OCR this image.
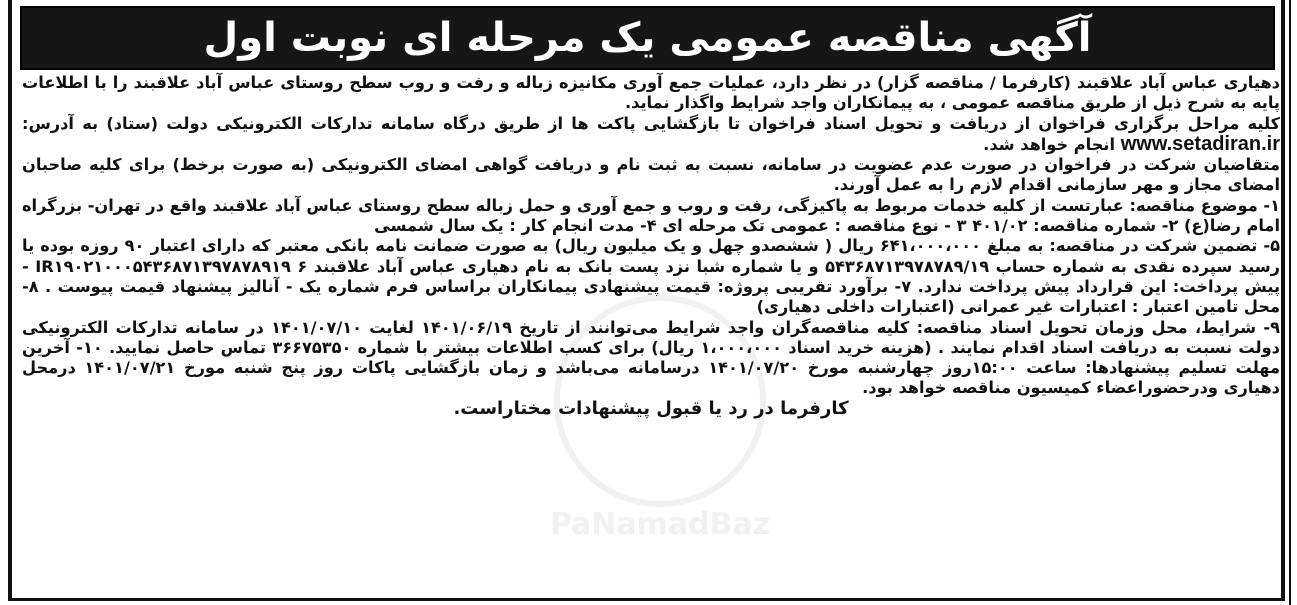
آگهی مناقصه عمومی یک مرحله ای نوبت اول
PaNamadBaz

دهیاری عباس آباد علاقبند (کارفرما / مناقصه گزار) در نظر دارد، عملیات جمع آوری مکانیزه زباله و رفت و روب سطح روستای عباس آباد علاقبند را با اطلاعات پایه به شرح ذیل از طریق مناقصه عمومی ، به پیمانکاران واجد شرایط واگذار نماید.

کلیه مراحل برگزاری فراخوان از دریافت و تحویل اسناد فراخوان تا بازگشایی پاکت ها از طریق درگاه سامانه تدارکات الکترونیکی دولت (ستاد) به آدرس: www.setadiran.ir انجام خواهد شد.

متقاضیان شرکت در فراخوان در صورت عدم عضویت در سامانه، نسبت به ثبت نام و دریافت گواهی امضای الکترونیکی (به صورت برخط) برای کلیه صاحبان امضای مجاز و مهر سازمانی اقدام لازم را به عمل آورند.

۱- موضوع مناقصه: عبارتست از کلیه خدمات مربوط به پاکیزگی، رفت و روب و جمع آوری و حمل زباله سطح روستای عباس آباد علاقبند واقع در تهران- بزرگراه امام رضا(ع) ۲- شماره مناقصه: ۴۰۱/۰۲ ۳ - نوع مناقصه : عمومی تک مرحله ای ۴- مدت انجام کار : یک سال شمسی

۵- تضمین شرکت در مناقصه: به مبلغ ۶۴۱،۰۰۰،۰۰۰ ریال ( ششصدو چهل و یک میلیون ریال) به صورت ضمانت نامه بانکی معتبر که دارای اعتبار ۹۰ روزه بوده یا رسید سپرده نقدی به شماره حساب ۵۴۳۶۸۷۱۳۹۷۸۷۸۹/۱۹ و یا شماره شبا نزد پست بانک به نام دهیاری عباس آباد علاقبند IR۱۹۰۲۱۰۰۰۵۴۳۶۸۷۱۳۹۷۸۷۸۹۱۹ ۶ - پیش پرداخت: این قرارداد پیش پرداخت ندارد. ۷- برآورد تقریبی پروژه: قیمت پیشنهادی پیمانکاران براساس فرم شماره یک - آنالیز پیشنهاد قیمت پیوست . ۸- محل تامین اعتبار : اعتبارات غیر عمرانی (اعتبارات داخلی دهیاری)

۹- شرایط، محل وزمان تحویل اسناد مناقصه: کلیه مناقصه‌گران واجد شرایط می‌توانند از تاریخ ۱۴۰۱/۰۶/۱۹ لغایت ۱۴۰۱/۰۷/۱۰ در سامانه تدارکات الکترونیکی دولت نسبت به دریافت اسناد اقدام نمایند . (هزینه خرید اسناد ۱،۰۰۰،۰۰۰ ریال) برای کسب اطلاعات بیشتر با شماره ۳۶۶۷۵۳۵۰ تماس حاصل نمایید. ۱۰- آخرین مهلت تسلیم پیشنهادها: ساعت ۱۵:۰۰روز چهارشنبه مورخ ۱۴۰۱/۰۷/۲۰ درسامانه می‌باشد و زمان بازگشایی پاکات روز پنج شنبه مورخ ۱۴۰۱/۰۷/۲۱ درمحل دهیاری ودرحضوراعضاء کمیسیون مناقصه خواهد بود.

کارفرما در رد یا قبول پیشنهادات مختاراست.
